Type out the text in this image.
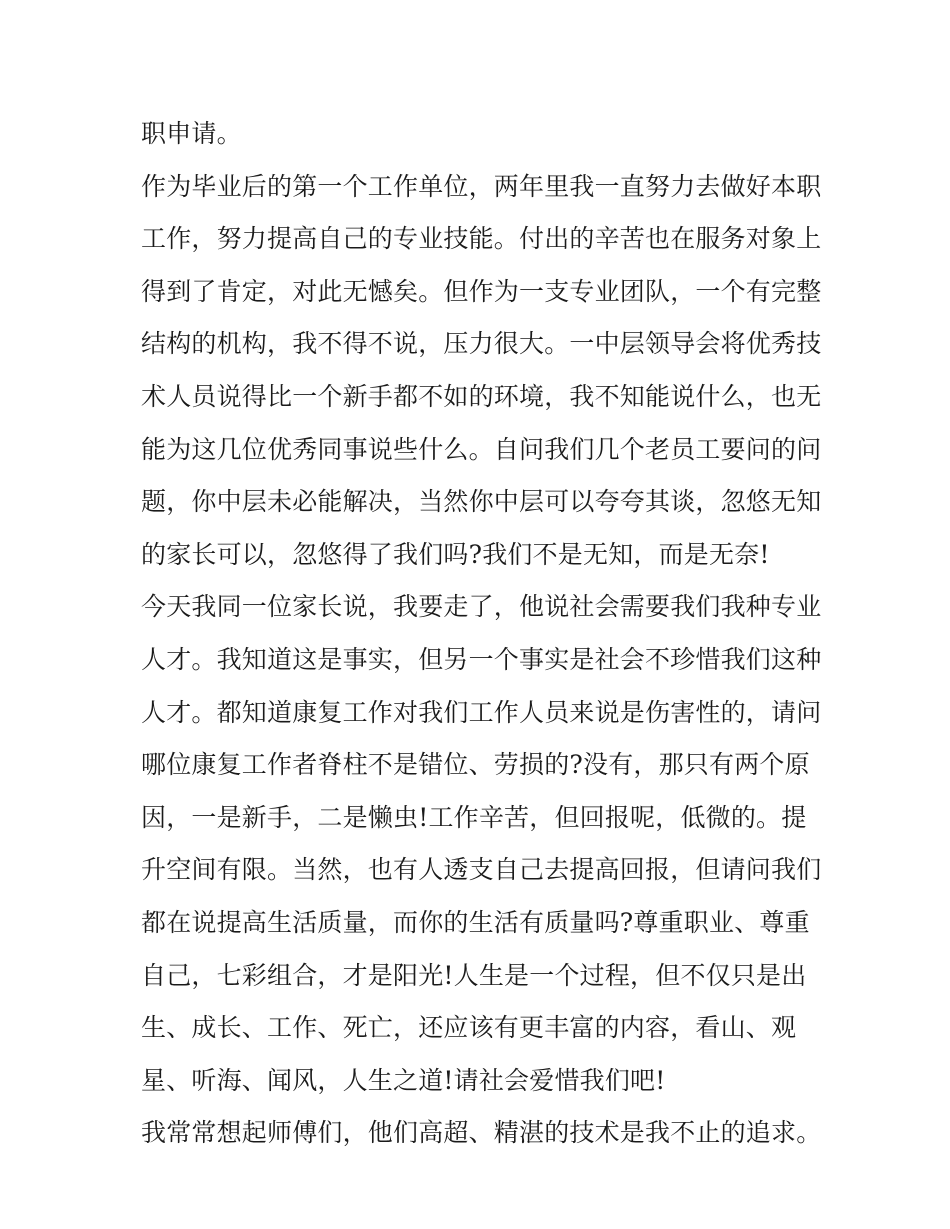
职申请。
作为毕业后的第一个工作单位，两年里我一直努力去做好本职
工作，努力提高自己的专业技能。付出的辛苦也在服务对象上
得到了肯定，对此无憾矣。但作为一支专业团队，一个有完整
结构的机构，我不得不说，压力很大。一中层领导会将优秀技
术人员说得比一个新手都不如的环境，我不知能说什么，也无
能为这几位优秀同事说些什么。自问我们几个老员工要问的问
题，你中层未必能解决，当然你中层可以夸夸其谈，忽悠无知
的家长可以，忽悠得了我们吗?我们不是无知，而是无奈!
今天我同一位家长说，我要走了，他说社会需要我们我种专业
人才。我知道这是事实，但另一个事实是社会不珍惜我们这种
人才。都知道康复工作对我们工作人员来说是伤害性的，请问
哪位康复工作者脊柱不是错位、劳损的?没有，那只有两个原
因，一是新手，二是懒虫!工作辛苦，但回报呢，低微的。提
升空间有限。当然，也有人透支自己去提高回报，但请问我们
都在说提高生活质量，而你的生活有质量吗?尊重职业、尊重
自己，七彩组合，才是阳光!人生是一个过程，但不仅只是出
生、成长、工作、死亡，还应该有更丰富的内容，看山、观
星、听海、闻风，人生之道!请社会爱惜我们吧!
我常常想起师傅们，他们高超、精湛的技术是我不止的追求。
